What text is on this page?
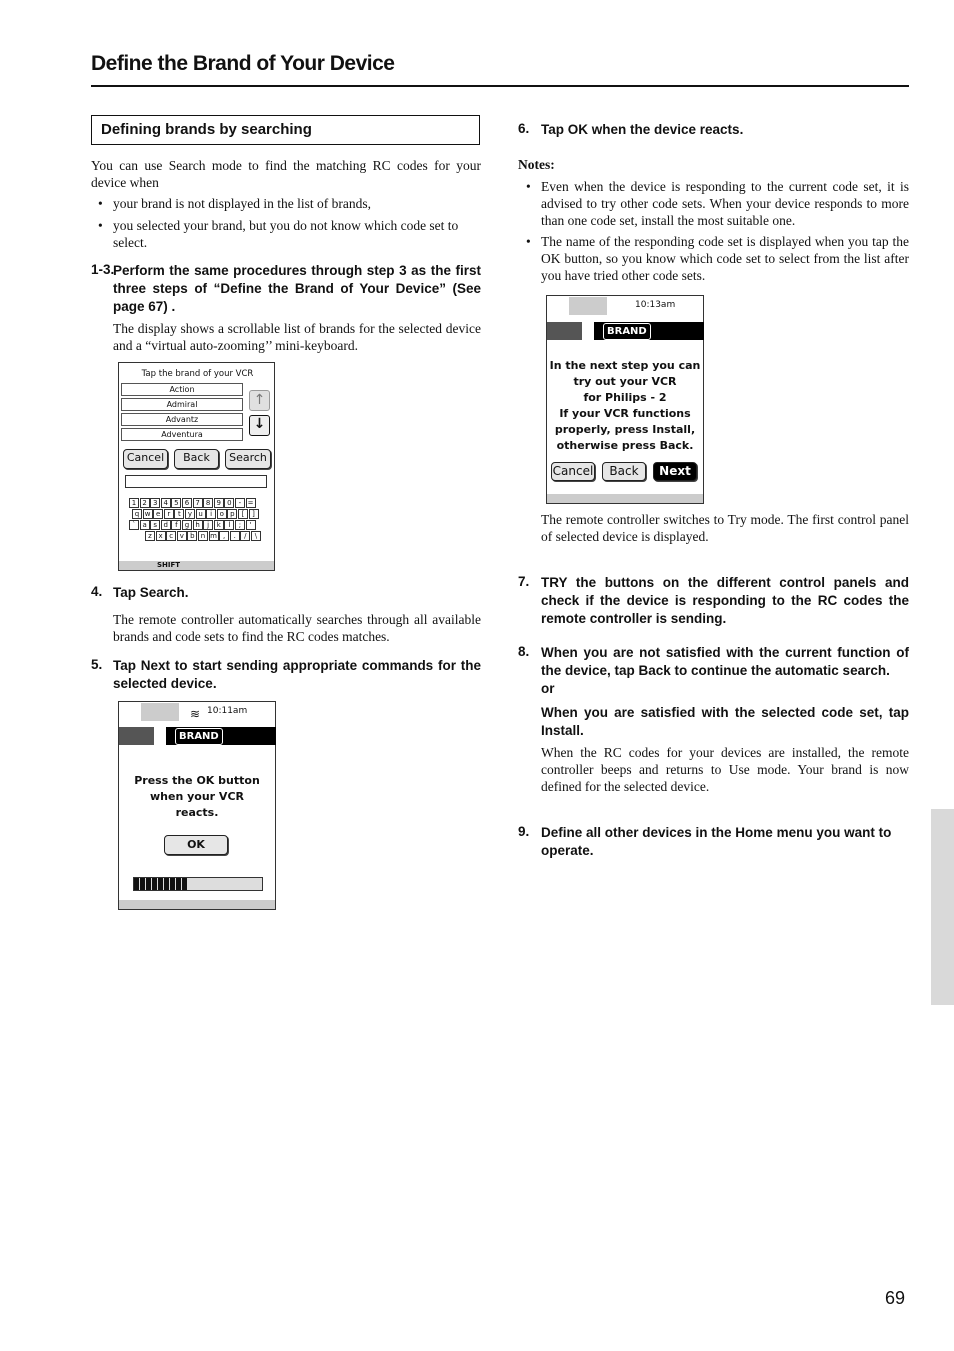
Define the Brand of Your Device
Defining brands by searching
You can use Search mode to find the matching RC codes for your device when
• your brand is not displayed in the list of brands,
• you selected your brand, but you do not know which code set to select.
1-3.
Perform the same procedures through step 3 as the first three steps of “Define the Brand of Your Device” (See page 67) .
The display shows a scrollable list of brands for the selected device and a “virtual auto-zooming’’ mini-keyboard.
Tap the brand of your VCR
Action
Admiral
Advantz
Adventura
↑
↓
Cancel	Back	Search
1 2 3 4 5 6 7 8 9 0	- =
q w e r	t	y u	i	o p	[	]
` a s d	f	g h	j	k	l	;	'
z x c v b n m ,	.	/	\
SHIFT
4. Tap Search.
The remote controller automatically searches through all available brands and code sets to find the RC codes matches.
5. Tap Next to start sending appropriate commands for the selected device.
≋ 10:11am
BRAND
Press the OK button
when your VCR
reacts.
OK
6. Tap OK when the device reacts.
Notes:
• Even when the device is responding to the current code set, it is advised to try other code sets. When your device responds to more than one code set, install the most suitable one.
• The name of the responding code set is displayed when you tap the OK button, so you know which code set to select from the list after you have tried other code sets.
10:13am
BRAND
In the next step you can
try out your VCR
for Philips - 2
If your VCR functions
properly, press Install,
otherwise press Back.
Cancel	Back	Next
The remote controller switches to Try mode. The first control panel of selected device is displayed.
7. TRY the buttons on the different control panels and check if the device is responding to the RC codes the remote controller is sending.
8. When you are not satisfied with the current function of the device, tap Back to continue the automatic search.
or
When you are satisfied with the selected code set, tap Install.
When the RC codes for your devices are installed, the remote controller beeps and returns to Use mode. Your brand is now defined for the selected device.
9. Define all other devices in the Home menu you want to operate.
69
